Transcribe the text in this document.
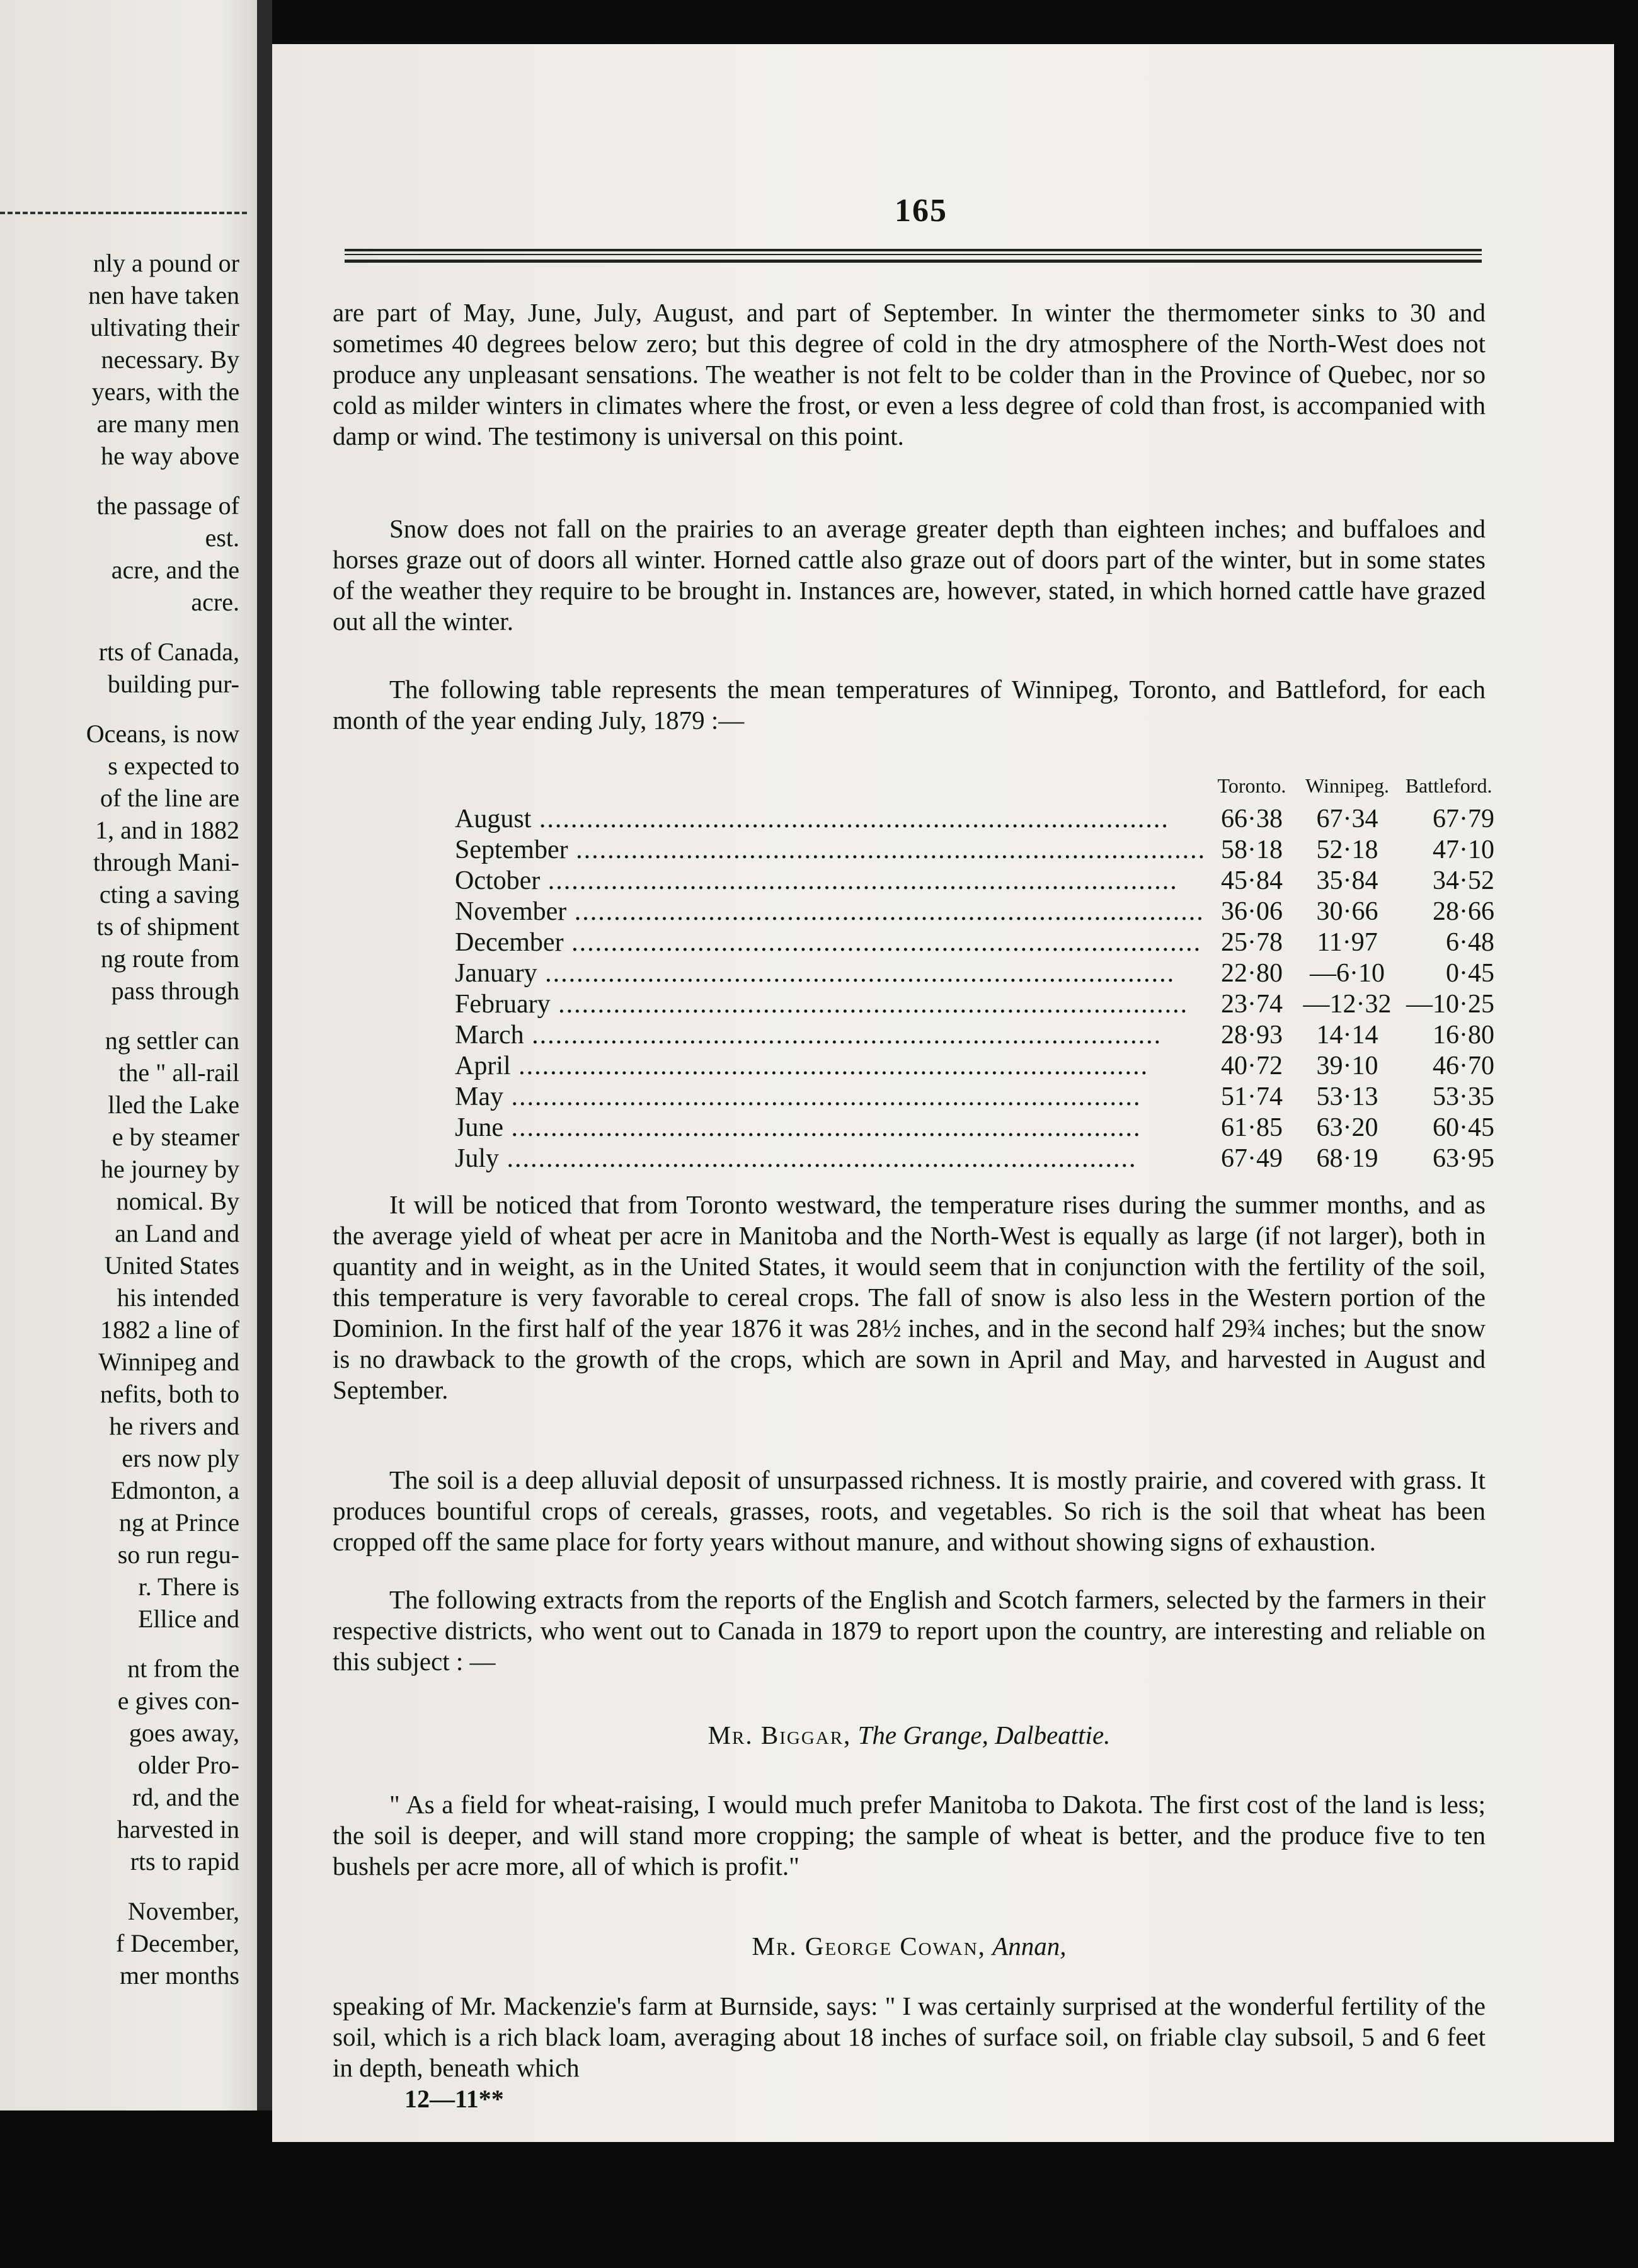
nly a pound or
nen have taken
ultivating their
necessary. By
years, with the
are many men
he way above
the passage of
est.
acre, and the
acre.
rts of Canada,
building pur-
Oceans, is now
s expected to
of the line are
1, and in 1882
through Mani-
cting a saving
ts of shipment
ng route from
pass through
ng settler can
the " all-rail
lled the Lake
e by steamer
he journey by
nomical. By
an Land and
United States
his intended
1882 a line of
Winnipeg and
nefits, both to
he rivers and
ers now ply
Edmonton, a
ng at Prince
so run regu-
r. There is
Ellice and
nt from the
e gives con-
goes away,
older Pro-
rd, and the
harvested in
rts to rapid
November,
f December,
mer months
165

are part of May, June, July, August, and part of September. In winter the thermometer sinks to 30 and sometimes 40 degrees below zero; but this degree of cold in the dry atmosphere of the North-West does not produce any unpleasant sensations. The weather is not felt to be colder than in the Province of Quebec, nor so cold as milder winters in climates where the frost, or even a less degree of cold than frost, is accompanied with damp or wind. The testimony is universal on this point.

Snow does not fall on the prairies to an average greater depth than eighteen inches; and buffaloes and horses graze out of doors all winter. Horned cattle also graze out of doors part of the winter, but in some states of the weather they require to be brought in. Instances are, however, stated, in which horned cattle have grazed out all the winter.

The following table represents the mean temperatures of Winnipeg, Toronto, and Battleford, for each month of the year ending July, 1879 :—

	Toronto.	Winnipeg.	Battleford.
August ................................................................................	66·38	67·34	67·79
September ................................................................................	58·18	52·18	47·10
October ................................................................................	45·84	35·84	34·52
November ................................................................................	36·06	30·66	28·66
December ................................................................................	25·78	11·97	6·48
January ................................................................................	22·80	—6·10	0·45
February ................................................................................	23·74	—12·32	—10·25
March ................................................................................	28·93	14·14	16·80
April ................................................................................	40·72	39·10	46·70
May ................................................................................	51·74	53·13	53·35
June ................................................................................	61·85	63·20	60·45
July ................................................................................	67·49	68·19	63·95

It will be noticed that from Toronto westward, the temperature rises during the summer months, and as the average yield of wheat per acre in Manitoba and the North-West is equally as large (if not larger), both in quantity and in weight, as in the United States, it would seem that in conjunction with the fertility of the soil, this temperature is very favorable to cereal crops. The fall of snow is also less in the Western portion of the Dominion. In the first half of the year 1876 it was 28½ inches, and in the second half 29¾ inches; but the snow is no drawback to the growth of the crops, which are sown in April and May, and harvested in August and September.

The soil is a deep alluvial deposit of unsurpassed richness. It is mostly prairie, and covered with grass. It produces bountiful crops of cereals, grasses, roots, and vegetables. So rich is the soil that wheat has been cropped off the same place for forty years without manure, and without showing signs of exhaustion.

The following extracts from the reports of the English and Scotch farmers, selected by the farmers in their respective districts, who went out to Canada in 1879 to report upon the country, are interesting and reliable on this subject : —

Mr. Biggar, The Grange, Dalbeattie.

" As a field for wheat-raising, I would much prefer Manitoba to Dakota. The first cost of the land is less; the soil is deeper, and will stand more cropping; the sample of wheat is better, and the produce five to ten bushels per acre more, all of which is profit."

Mr. George Cowan, Annan,

speaking of Mr. Mackenzie's farm at Burnside, says: " I was certainly surprised at the wonderful fertility of the soil, which is a rich black loam, averaging about 18 inches of surface soil, on friable clay subsoil, 5 and 6 feet in depth, beneath which

12—11**
